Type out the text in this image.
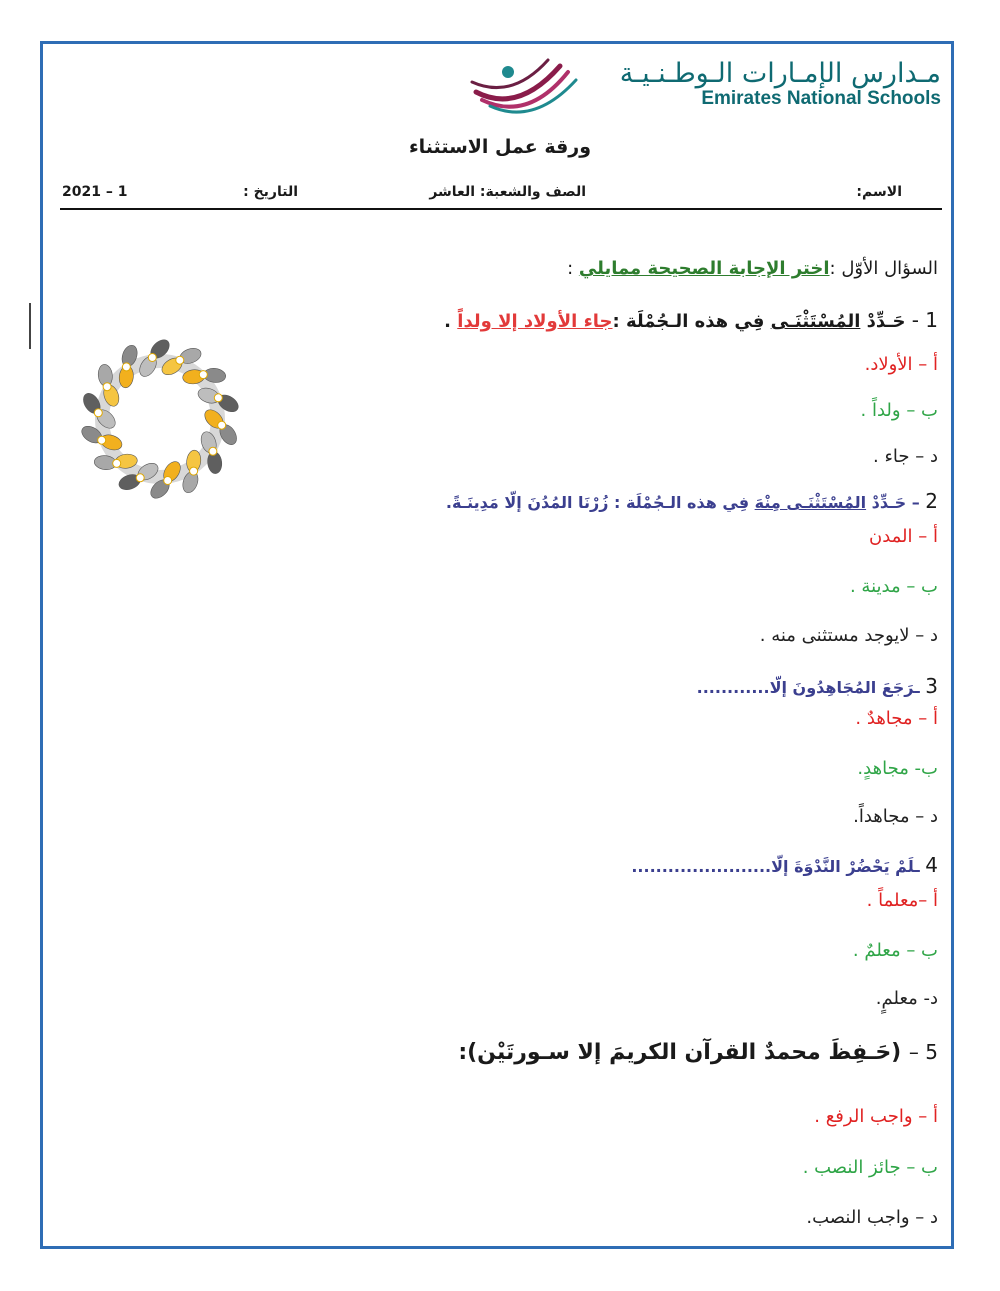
مـدارس الإمـارات الـوطـنـيـة
Emirates National Schools
ورقة عمل الاستثناء
الاسم:
الصف والشعبة: العاشر
التاريخ :
2021 – 1
السؤال الأوّل :اختر الإجابة الصحيحة ممايلي :
1 - حَـدِّدْ المُسْتَثْنَـى فِي هذه الـجُمْلَة :جاء الأولاد إلا ولداً .
أ – الأولاد.
ب – ولداً .
د – جاء .
2 – حَـدِّدْ المُسْتَثْنَـى مِنْهَ فِي هذه الـجُمْلَة : زُرْنَا المُدُنَ إلّا مَدِينَـةً.
أ – المدن
ب – مدينة .
د – لايوجد مستثنى منه .
3 ـرَجَعَ المُجَاهِدُونَ إلّا............
أ – مجاهدٌ .
ب- مجاهدٍ.
د – مجاهداً.
4 ـلَمْ يَحْضُرْ النَّدْوَةَ إلّا.......................
أ –معلماً .
ب – معلمٌ .
د- معلمٍ.
5 – (حَـفِظَ محمدٌ القرآن الكريمَ إلا سـورتَيْن):
أ – واجب الرفع .
ب – جائز النصب .
د – واجب النصب.
